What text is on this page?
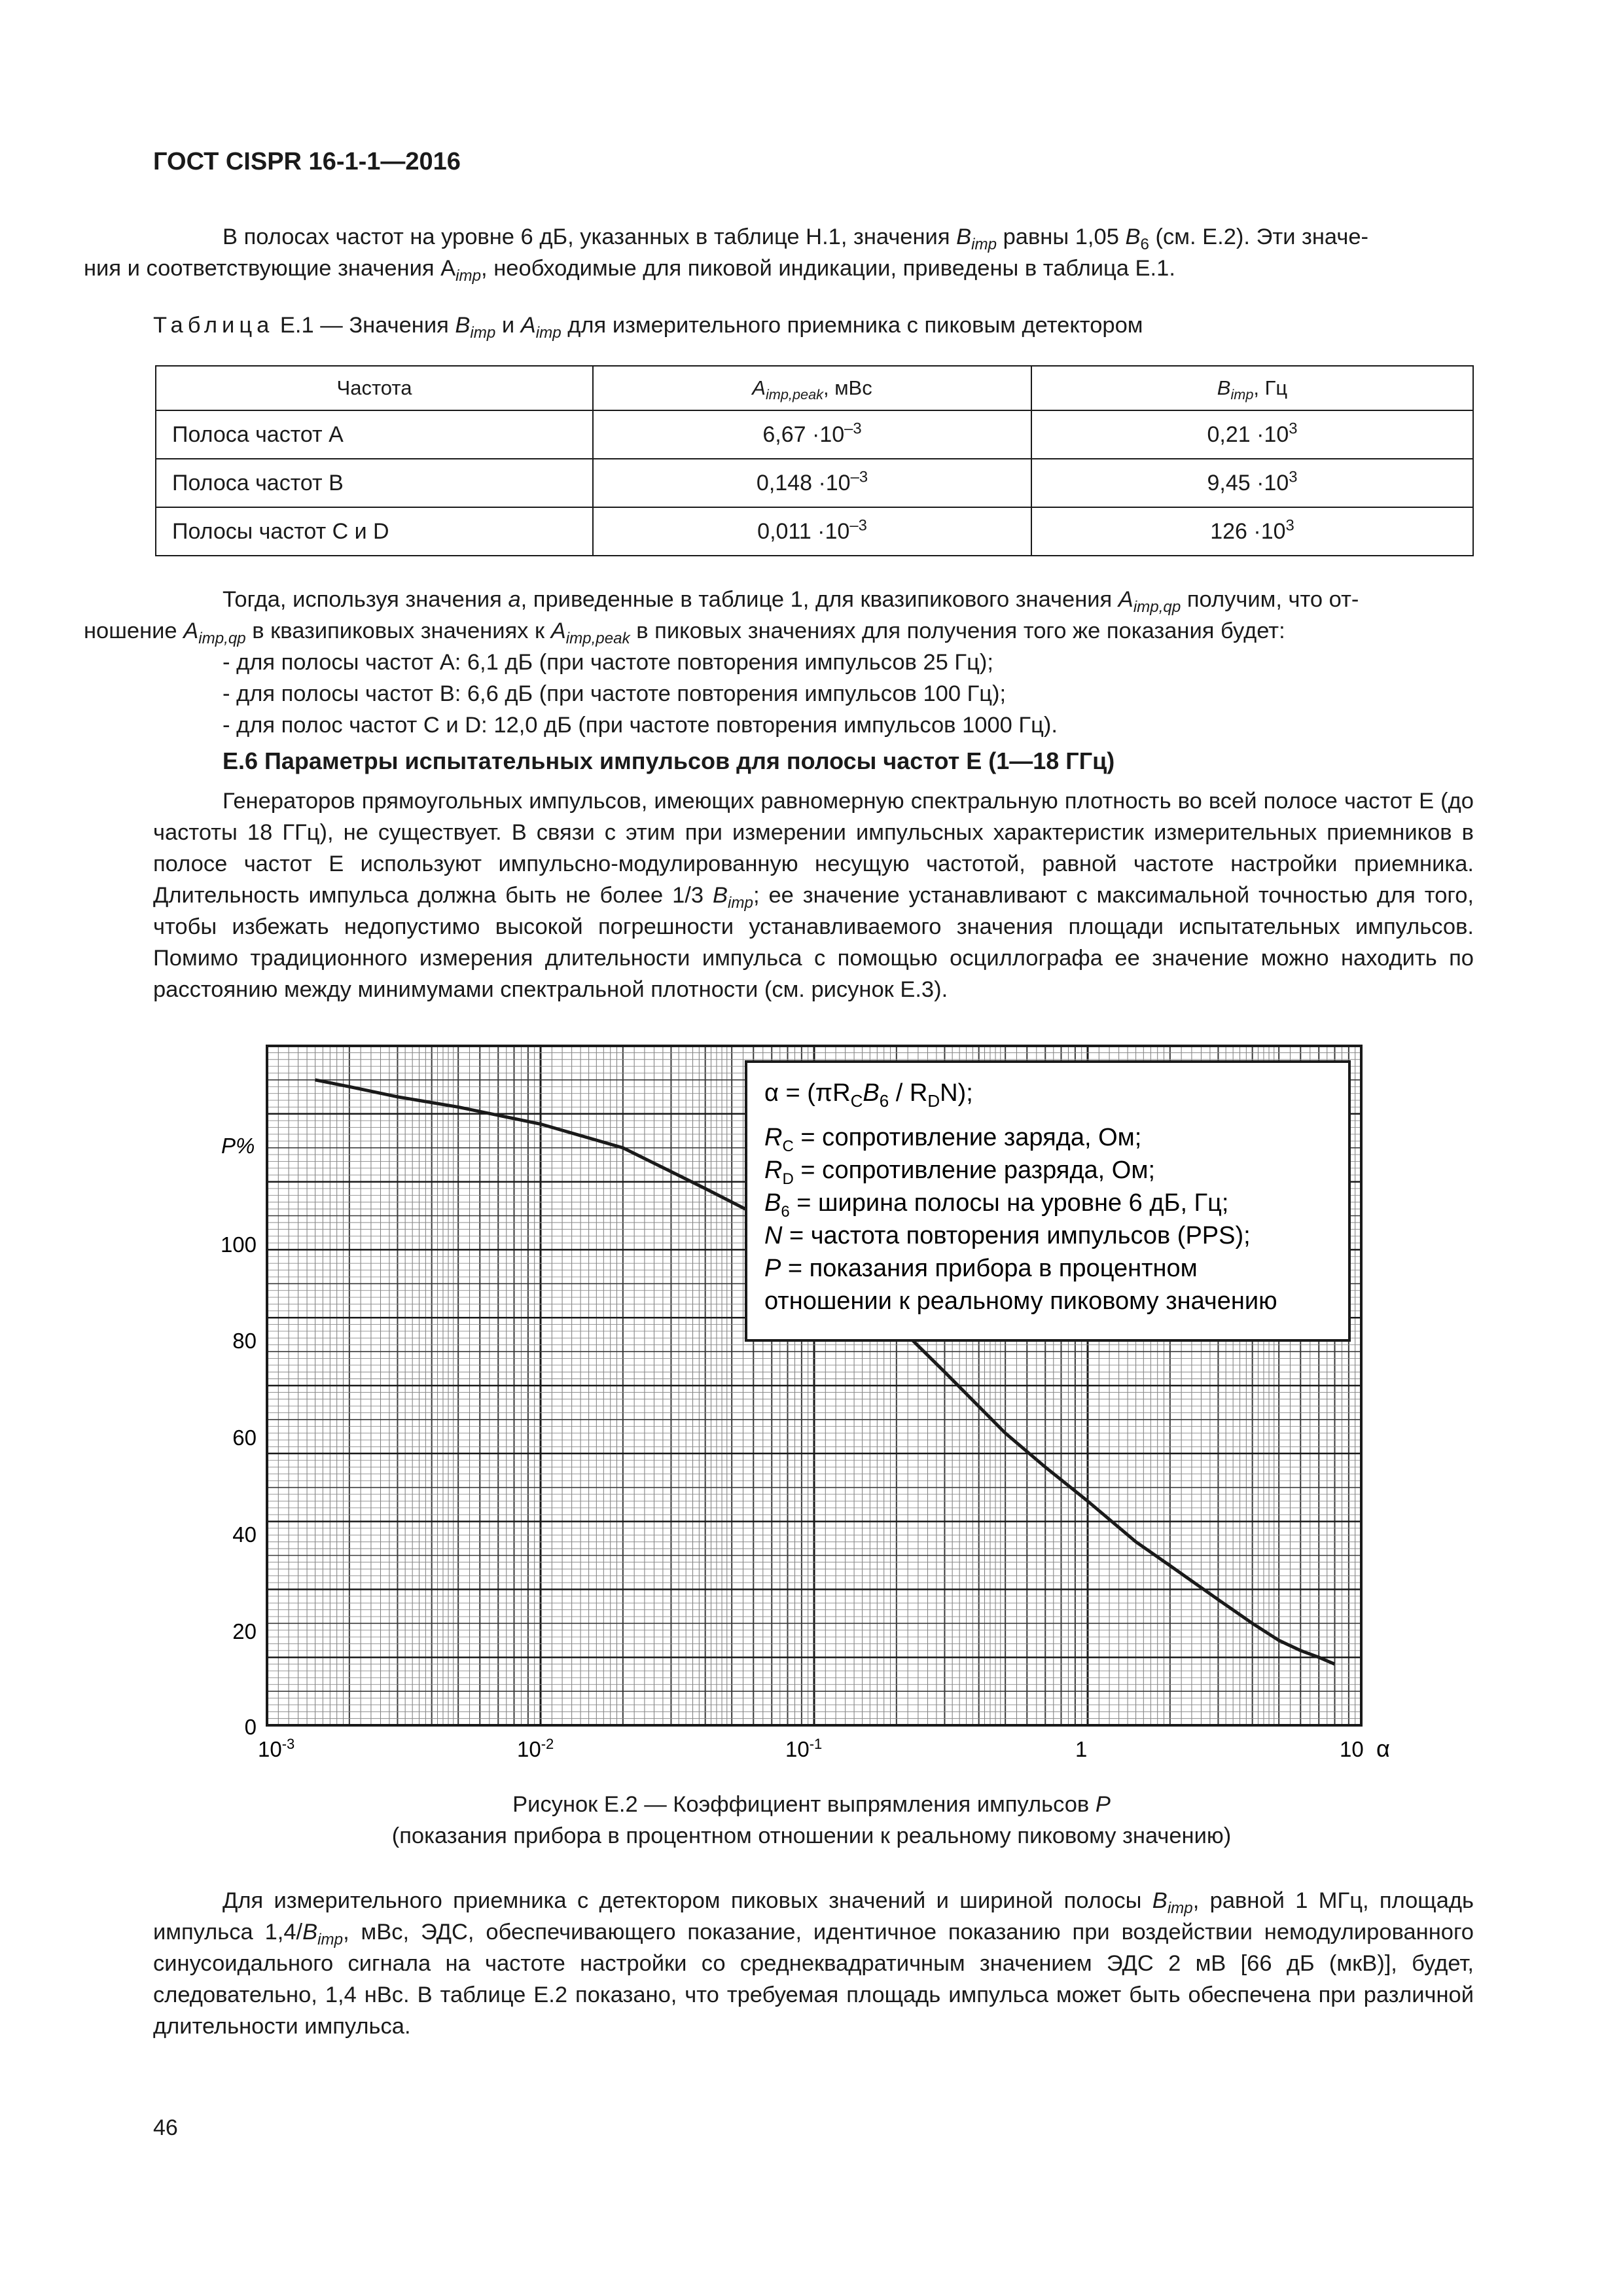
ГОСТ CISPR 16-1-1—2016
В полосах частот на уровне 6 дБ, указанных в таблице Н.1, значения $B_{imp}$ равны 1,05 $B_6$ (см. Е.2). Эти значе-
ния и соответствующие значения $A_{imp}$, необходимые для пиковой индикации, приведены в таблица Е.1.
Таблица Е.1 — Значения $B_{imp}$ и $A_{imp}$ для измерительного приемника с пиковым детектором
Частота	$A_{imp,peak}$, мВс	$B_{imp}$, Гц
Полоса частот А	$6,67 \cdot 10^{-3}$	$0,21 \cdot 10^3$
Полоса частот В	$0,148 \cdot 10^{-3}$	$9,45 \cdot 10^3$
Полосы частот С и D	$0,011 \cdot 10^{-3}$	$126 \cdot 10^3$
Тогда, используя значения a, приведенные в таблице 1, для квазипикового значения $A_{imp,qp}$ получим, что от-
ношение $A_{imp,qp}$ в квазипиковых значениях к $A_{imp,peak}$ в пиковых значениях для получения того же показания будет:
- для полосы частот А: 6,1 дБ (при частоте повторения импульсов 25 Гц);
- для полосы частот В: 6,6 дБ (при частоте повторения импульсов 100 Гц);
- для полос частот С и D: 12,0 дБ (при частоте повторения импульсов 1000 Гц).
Е.6 Параметры испытательных импульсов для полосы частот Е (1—18 ГГц)
Генераторов прямоугольных импульсов, имеющих равномерную спектральную плотность во всей полосе частот Е (до частоты 18 ГГц), не существует. В связи с этим при измерении импульсных характеристик измерительных приемников в полосе частот Е используют импульсно-модулированную несущую частотой, равной частоте настройки приемника. Длительность импульса должна быть не более 1/3 $B_{imp}$; ее значение устанавливают с максимальной точностью для того, чтобы избежать недопустимо высокой погрешности устанавливаемого значения площади испытательных импульсов. Помимо традиционного измерения длительности импульса с помощью осциллографа ее значение можно находить по расстоянию между минимумами спектральной плотности (см. рисунок Е.3).
100
80
60
40
20
0
P%
$10^{-3}$	$10^{-2}$	$10^{-1}$	1	10 α
$\alpha = (\pi R_CB_6 / R_DN)$;
$R_C$ = сопротивление заряда, Ом;
$R_D$ = сопротивление разряда, Ом;
$B_6$ = ширина полосы на уровне 6 дБ, Гц;
N = частота повторения импульсов (PPS);
P = показания прибора в процентном
отношении к реальному пиковому значению
Рисунок Е.2 — Коэффициент выпрямления импульсов P
(показания прибора в процентном отношении к реальному пиковому значению)
Для измерительного приемника с детектором пиковых значений и шириной полосы $B_{imp}$, равной 1 МГц, площадь импульса $1,4/B_{imp}$, мВс, ЭДС, обеспечивающего показание, идентичное показанию при воздействии немодулированного синусоидального сигнала на частоте настройки со среднеквадратичным значением ЭДС 2 мВ [66 дБ (мкВ)], будет, следовательно, 1,4 нВс. В таблице Е.2 показано, что требуемая площадь импульса может быть обеспечена при различной длительности импульса.
46
